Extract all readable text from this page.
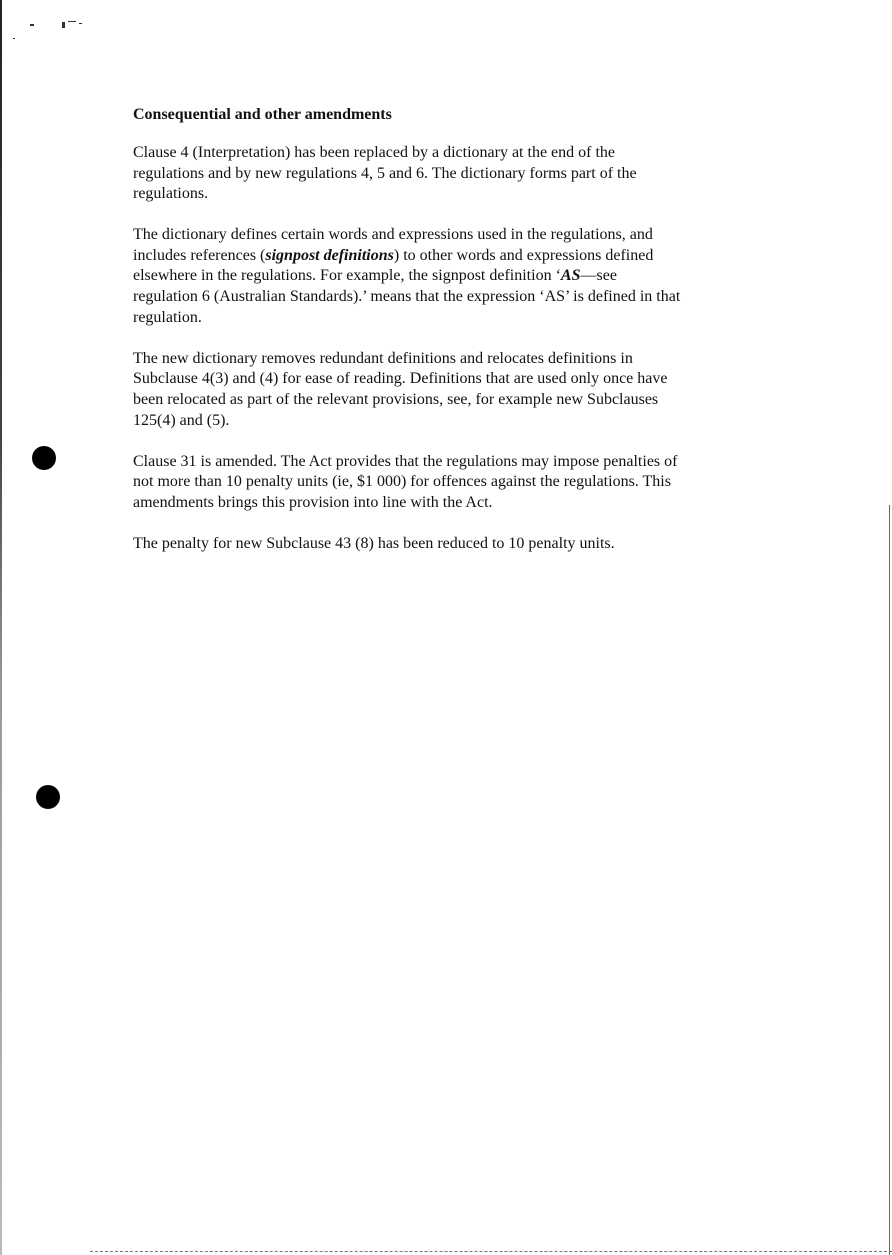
Consequential and other amendments
Clause 4 (Interpretation) has been replaced by a dictionary at the end of the
regulations and by new regulations 4, 5 and 6. The dictionary forms part of the
regulations.
The dictionary defines certain words and expressions used in the regulations, and
includes references (signpost definitions) to other words and expressions defined
elsewhere in the regulations. For example, the signpost definition ‘AS—see
regulation 6 (Australian Standards).’ means that the expression ‘AS’ is defined in that
regulation.
The new dictionary removes redundant definitions and relocates definitions in
Subclause 4(3) and (4) for ease of reading. Definitions that are used only once have
been relocated as part of the relevant provisions, see, for example new Subclauses
125(4) and (5).
Clause 31 is amended. The Act provides that the regulations may impose penalties of
not more than 10 penalty units (ie, $1 000) for offences against the regulations. This
amendments brings this provision into line with the Act.
The penalty for new Subclause 43 (8) has been reduced to 10 penalty units.
